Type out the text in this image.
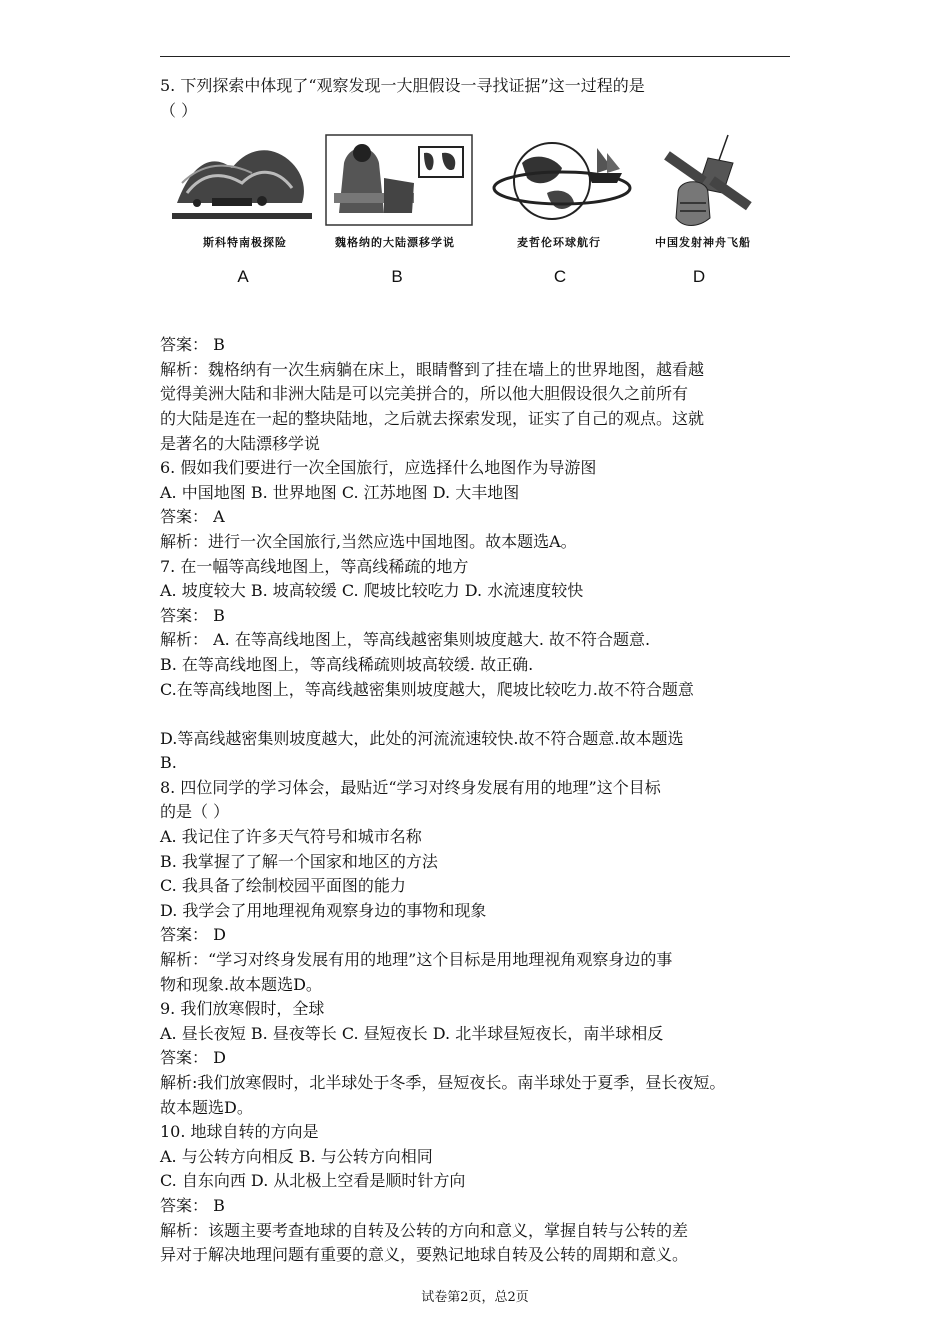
5. 下列探索中体现了“观察发现一大胆假设一寻找证据”这一过程的是
（ ）
斯科特南极探险
A
魏格纳的大陆漂移学说
B
麦哲伦环球航行
C
中国发射神舟飞船
D
答案： B
解析：魏格纳有一次生病躺在床上，眼睛瞥到了挂在墙上的世界地图，越看越
觉得美洲大陆和非洲大陆是可以完美拼合的，所以他大胆假设很久之前所有
的大陆是连在一起的整块陆地，之后就去探索发现，证实了自己的观点。这就
是著名的大陆漂移学说
6. 假如我们要进行一次全国旅行，应选择什么地图作为导游图
A. 中国地图 B. 世界地图 C. 江苏地图 D. 大丰地图
答案： A
解析：进行一次全国旅行,当然应选中国地图。故本题选A。
7. 在一幅等高线地图上，等高线稀疏的地方
A. 坡度较大 B. 坡高较缓 C. 爬坡比较吃力 D. 水流速度较快
答案： B
解析： A. 在等高线地图上，等高线越密集则坡度越大. 故不符合题意.
B. 在等高线地图上，等高线稀疏则坡高较缓. 故正确.
C.在等高线地图上，等高线越密集则坡度越大，爬坡比较吃力.故不符合题意
D.等高线越密集则坡度越大，此处的河流流速较快.故不符合题意.故本题选
B.
8. 四位同学的学习体会，最贴近“学习对终身发展有用的地理”这个目标
的是（ ）
A. 我记住了许多天气符号和城市名称
B. 我掌握了了解一个国家和地区的方法
C. 我具备了绘制校园平面图的能力
D. 我学会了用地理视角观察身边的事物和现象
答案： D
解析：“学习对终身发展有用的地理”这个目标是用地理视角观察身边的事
物和现象.故本题选D。
9. 我们放寒假时，全球
A. 昼长夜短 B. 昼夜等长 C. 昼短夜长 D. 北半球昼短夜长，南半球相反
答案： D
解析:我们放寒假时，北半球处于冬季，昼短夜长。南半球处于夏季，昼长夜短。
故本题选D。
10. 地球自转的方向是
A. 与公转方向相反 B. 与公转方向相同
C. 自东向西 D. 从北极上空看是顺时针方向
答案： B
解析：该题主要考查地球的自转及公转的方向和意义，掌握自转与公转的差
异对于解决地理问题有重要的意义，要熟记地球自转及公转的周期和意义。
试卷第2页，总2页
